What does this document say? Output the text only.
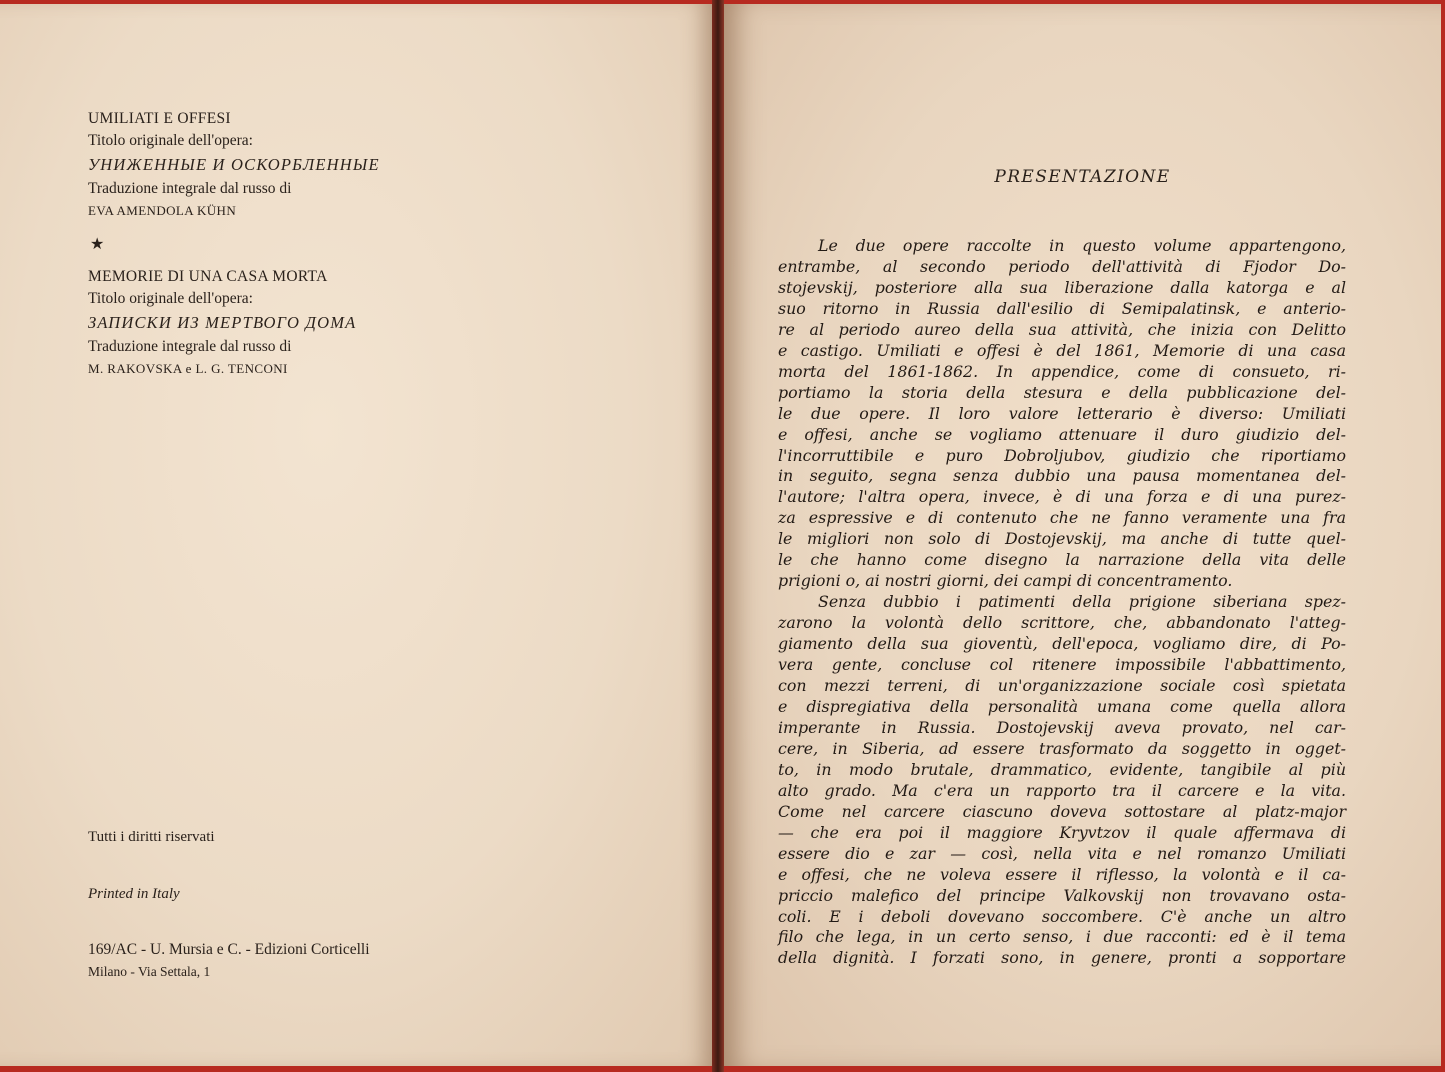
UMILIATI E OFFESI
Titolo originale dell'opera:
УНИЖЕННЫЕ И ОСКОРБЛЕННЫЕ
Traduzione integrale dal russo di
EVA AMENDOLA KÜHN
★
MEMORIE DI UNA CASA MORTA
Titolo originale dell'opera:
ЗАПИСКИ ИЗ МЕРТВОГО ДОМА
Traduzione integrale dal russo di
M. RAKOVSKA e L. G. TENCONI
Tutti i diritti riservati
Printed in Italy
169/AC - U. Mursia e C. - Edizioni Corticelli
Milano - Via Settala, 1
PRESENTAZIONE
Le due opere raccolte in questo volume appartengono,
entrambe, al secondo periodo dell'attività di Fjodor Do-
stojevskij, posteriore alla sua liberazione dalla katorga e al
suo ritorno in Russia dall'esilio di Semipalatinsk, e anterio-
re al periodo aureo della sua attività, che inizia con Delitto
e castigo. Umiliati e offesi è del 1861, Memorie di una casa
morta del 1861-1862. In appendice, come di consueto, ri-
portiamo la storia della stesura e della pubblicazione del-
le due opere. Il loro valore letterario è diverso: Umiliati
e offesi, anche se vogliamo attenuare il duro giudizio del-
l'incorruttibile e puro Dobroljubov, giudizio che riportiamo
in seguito, segna senza dubbio una pausa momentanea del-
l'autore; l'altra opera, invece, è di una forza e di una purez-
za espressive e di contenuto che ne fanno veramente una fra
le migliori non solo di Dostojevskij, ma anche di tutte quel-
le che hanno come disegno la narrazione della vita delle
prigioni o, ai nostri giorni, dei campi di concentramento.
Senza dubbio i patimenti della prigione siberiana spez-
zarono la volontà dello scrittore, che, abbandonato l'atteg-
giamento della sua gioventù, dell'epoca, vogliamo dire, di Po-
vera gente, concluse col ritenere impossibile l'abbattimento,
con mezzi terreni, di un'organizzazione sociale così spietata
e dispregiativa della personalità umana come quella allora
imperante in Russia. Dostojevskij aveva provato, nel car-
cere, in Siberia, ad essere trasformato da soggetto in ogget-
to, in modo brutale, drammatico, evidente, tangibile al più
alto grado. Ma c'era un rapporto tra il carcere e la vita.
Come nel carcere ciascuno doveva sottostare al platz-major
— che era poi il maggiore Kryvtzov il quale affermava di
essere dio e zar — così, nella vita e nel romanzo Umiliati
e offesi, che ne voleva essere il riflesso, la volontà e il ca-
priccio malefico del principe Valkovskij non trovavano osta-
coli. E i deboli dovevano soccombere. C'è anche un altro
filo che lega, in un certo senso, i due racconti: ed è il tema
della dignità. I forzati sono, in genere, pronti a sopportare
